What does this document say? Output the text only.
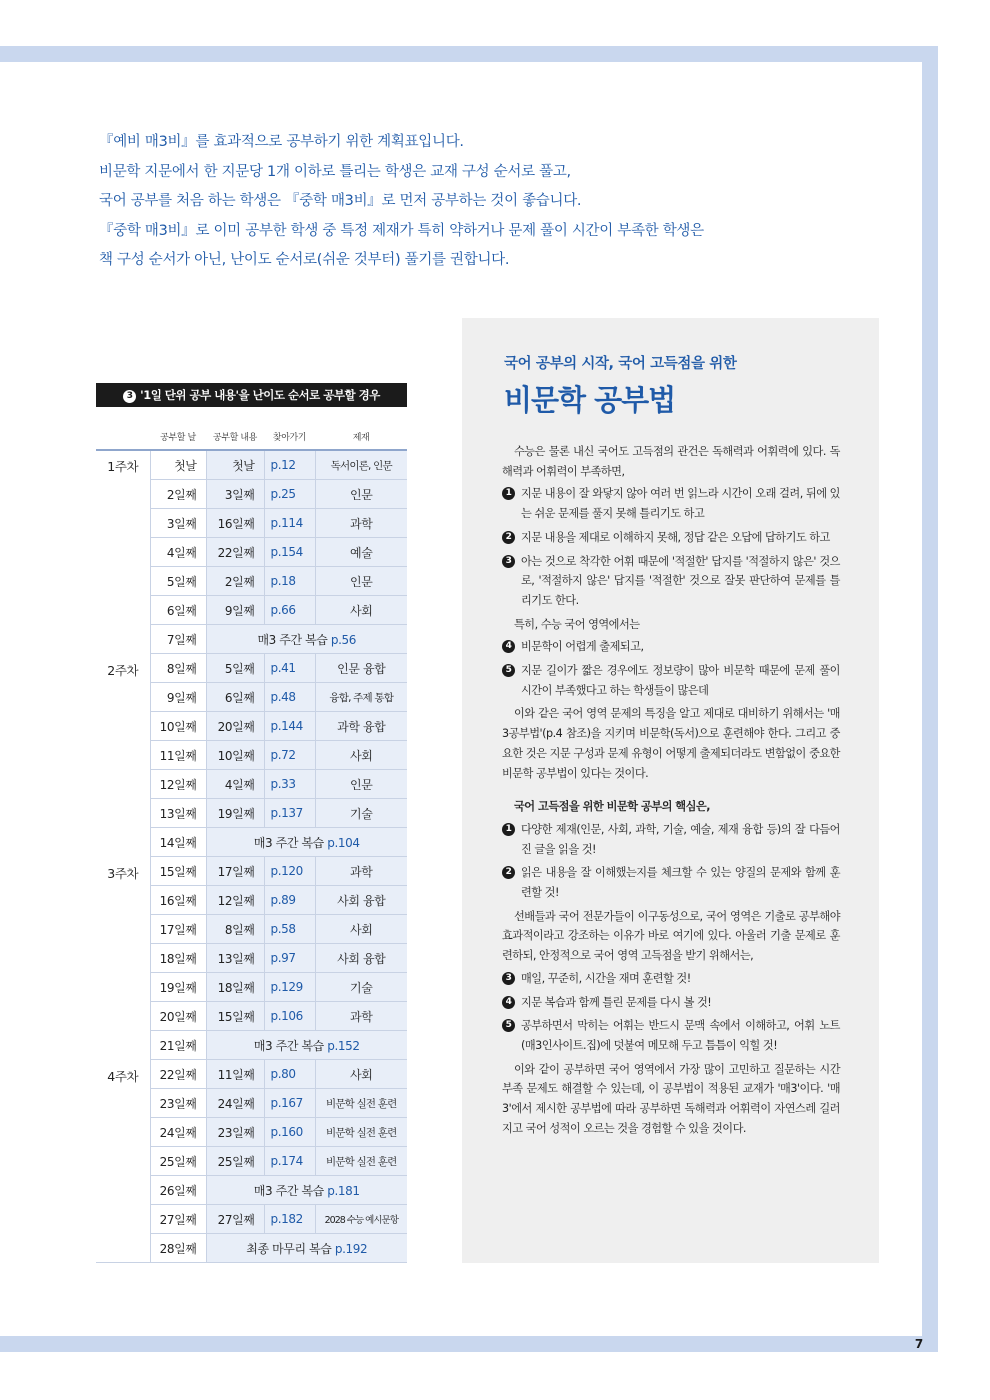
7

『예비 매3비』를 효과적으로 공부하기 위한 계획표입니다.

비문학 지문에서 한 지문당 1개 이하로 틀리는 학생은 교재 구성 순서로 풀고,

국어 공부를 처음 하는 학생은 『중학 매3비』로 먼저 공부하는 것이 좋습니다.

『중학 매3비』로 이미 공부한 학생 중 특정 제재가 특히 약하거나 문제 풀이 시간이 부족한 학생은

책 구성 순서가 아닌, 난이도 순서로(쉬운 것부터) 풀기를 권합니다.

3 '1일 단위 공부 내용'을 난이도 순서로 공부할 경우
	공부할 날	공부할 내용	찾아가기	제재
1주차	첫날	첫날	p.12	독서이론, 인문
	2일째	3일째	p.25	인문
	3일째	16일째	p.114	과학
	4일째	22일째	p.154	예술
	5일째	2일째	p.18	인문
	6일째	9일째	p.66	사회
	7일째	매3 주간 복습 p.56		
2주차	8일째	5일째	p.41	인문 융합
	9일째	6일째	p.48	융합, 주제 통합
	10일째	20일째	p.144	과학 융합
	11일째	10일째	p.72	사회
	12일째	4일째	p.33	인문
	13일째	19일째	p.137	기술
	14일째	매3 주간 복습 p.104		
3주차	15일째	17일째	p.120	과학
	16일째	12일째	p.89	사회 융합
	17일째	8일째	p.58	사회
	18일째	13일째	p.97	사회 융합
	19일째	18일째	p.129	기술
	20일째	15일째	p.106	과학
	21일째	매3 주간 복습 p.152		
4주차	22일째	11일째	p.80	사회
	23일째	24일째	p.167	비문학 실전 훈련
	24일째	23일째	p.160	비문학 실전 훈련
	25일째	25일째	p.174	비문학 실전 훈련
	26일째	매3 주간 복습 p.181		
	27일째	27일째	p.182	2028 수능 예시문항
	28일째	최종 마무리 복습 p.192		
국어 공부의 시작, 국어 고득점을 위한
비문학 공부법

수능은 물론 내신 국어도 고득점의 관건은 독해력과 어휘력에 있다. 독해력과 어휘력이 부족하면,

1 지문 내용이 잘 와닿지 않아 여러 번 읽느라 시간이 오래 걸려, 뒤에 있는 쉬운 문제를 풀지 못해 틀리기도 하고
2 지문 내용을 제대로 이해하지 못해, 정답 같은 오답에 답하기도 하고
3 아는 것으로 착각한 어휘 때문에 '적절한' 답지를 '적절하지 않은' 것으로, '적절하지 않은' 답지를 '적절한' 것으로 잘못 판단하여 문제를 틀리기도 한다.

특히, 수능 국어 영역에서는

4 비문학이 어렵게 출제되고,
5 지문 길이가 짧은 경우에도 정보량이 많아 비문학 때문에 문제 풀이 시간이 부족했다고 하는 학생들이 많은데

이와 같은 국어 영역 문제의 특징을 알고 제대로 대비하기 위해서는 '매3공부법'(p.4 참조)을 지키며 비문학(독서)으로 훈련해야 한다. 그리고 중요한 것은 지문 구성과 문제 유형이 어떻게 출제되더라도 변함없이 중요한 비문학 공부법이 있다는 것이다.

국어 고득점을 위한 비문학 공부의 핵심은,

1 다양한 제재(인문, 사회, 과학, 기술, 예술, 제재 융합 등)의 잘 다듬어진 글을 읽을 것!
2 읽은 내용을 잘 이해했는지를 체크할 수 있는 양질의 문제와 함께 훈련할 것!

선배들과 국어 전문가들이 이구동성으로, 국어 영역은 기출로 공부해야 효과적이라고 강조하는 이유가 바로 여기에 있다. 아울러 기출 문제로 훈련하되, 안정적으로 국어 영역 고득점을 받기 위해서는,

3 매일, 꾸준히, 시간을 재며 훈련할 것!
4 지문 복습과 함께 틀린 문제를 다시 볼 것!
5 공부하면서 막히는 어휘는 반드시 문맥 속에서 이해하고, 어휘 노트(매3인사이트.집)에 덧붙여 메모해 두고 틈틈이 익힐 것!

이와 같이 공부하면 국어 영역에서 가장 많이 고민하고 질문하는 시간 부족 문제도 해결할 수 있는데, 이 공부법이 적용된 교재가 '매3'이다. '매3'에서 제시한 공부법에 따라 공부하면 독해력과 어휘력이 자연스레 길러지고 국어 성적이 오르는 것을 경험할 수 있을 것이다.
